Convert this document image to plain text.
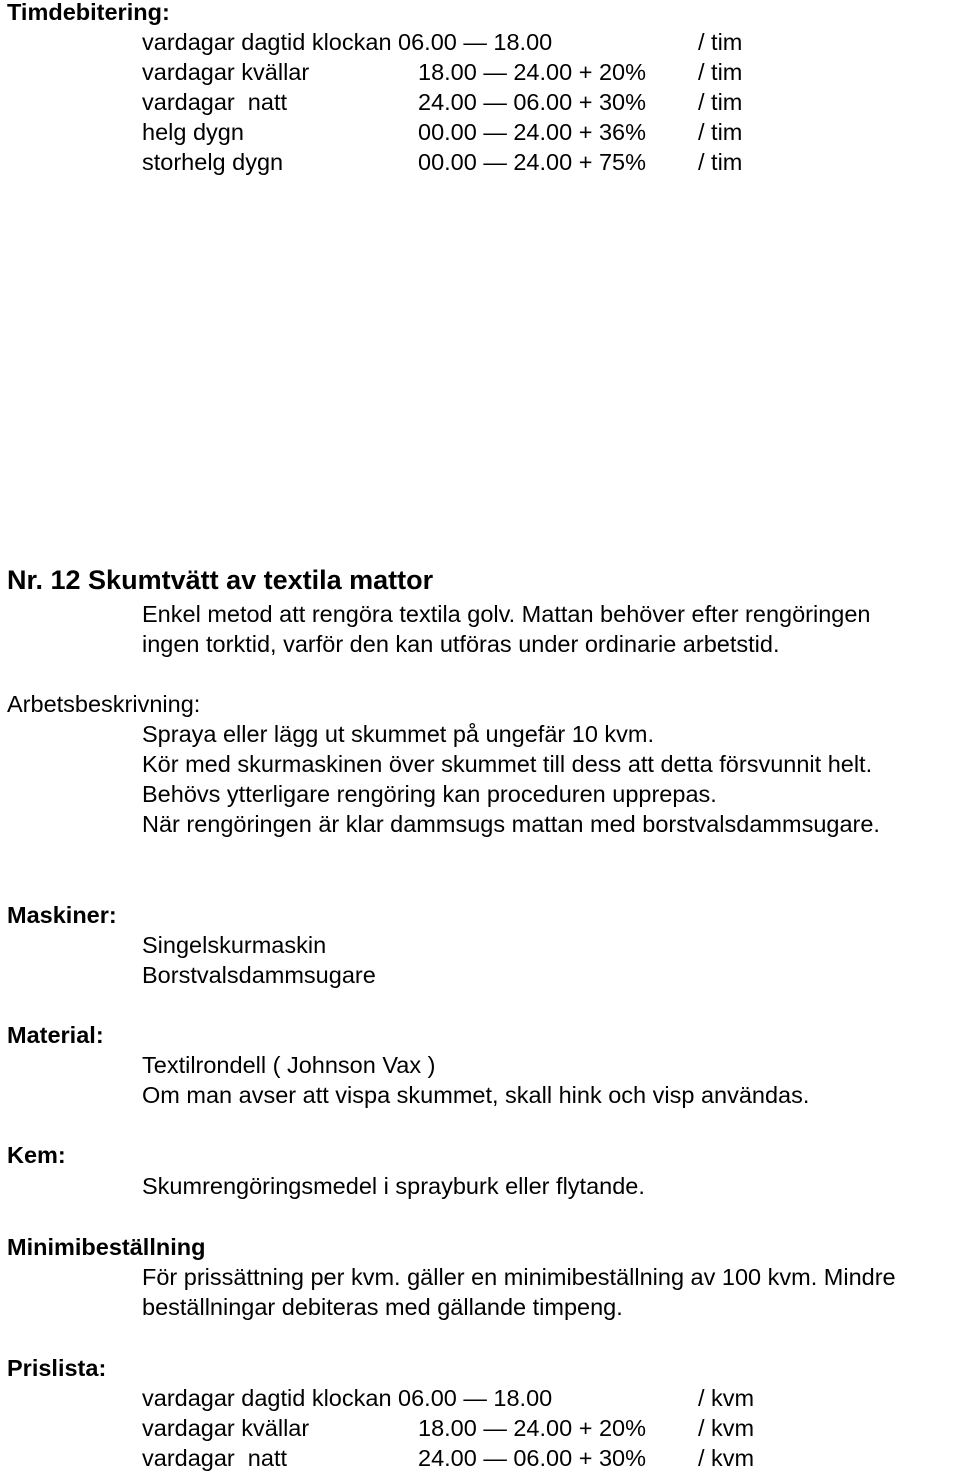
Timdebitering:
vardagar dagtid klockan 06.00 — 18.00	/ tim
vardagar kvällar	18.00 — 24.00 + 20% / tim
vardagar  natt	24.00 — 06.00 + 30% / tim
helg dygn	00.00 — 24.00 + 36% / tim
storhelg dygn	00.00 — 24.00 + 75% / tim
Nr. 12 Skumtvätt av textila mattor
Enkel metod att rengöra textila golv. Mattan behöver efter rengöringen
ingen torktid, varför den kan utföras under ordinarie arbetstid.
Arbetsbeskrivning:
Spraya eller lägg ut skummet på ungefär 10 kvm.
Kör med skurmaskinen över skummet till dess att detta försvunnit helt.
Behövs ytterligare rengöring kan proceduren upprepas.
När rengöringen är klar dammsugs mattan med borstvalsdammsugare.
Maskiner:
Singelskurmaskin
Borstvalsdammsugare
Material:
Textilrondell ( Johnson Vax )
Om man avser att vispa skummet, skall hink och visp användas.
Kem:
Skumrengöringsmedel i sprayburk eller flytande.
Minimibeställning
För prissättning per kvm. gäller en minimibeställning av 100 kvm. Mindre
beställningar debiteras med gällande timpeng.
Prislista:
vardagar dagtid klockan 06.00 — 18.00	/ kvm
vardagar kvällar	18.00 — 24.00 + 20% / kvm
vardagar  natt	24.00 — 06.00 + 30% / kvm
